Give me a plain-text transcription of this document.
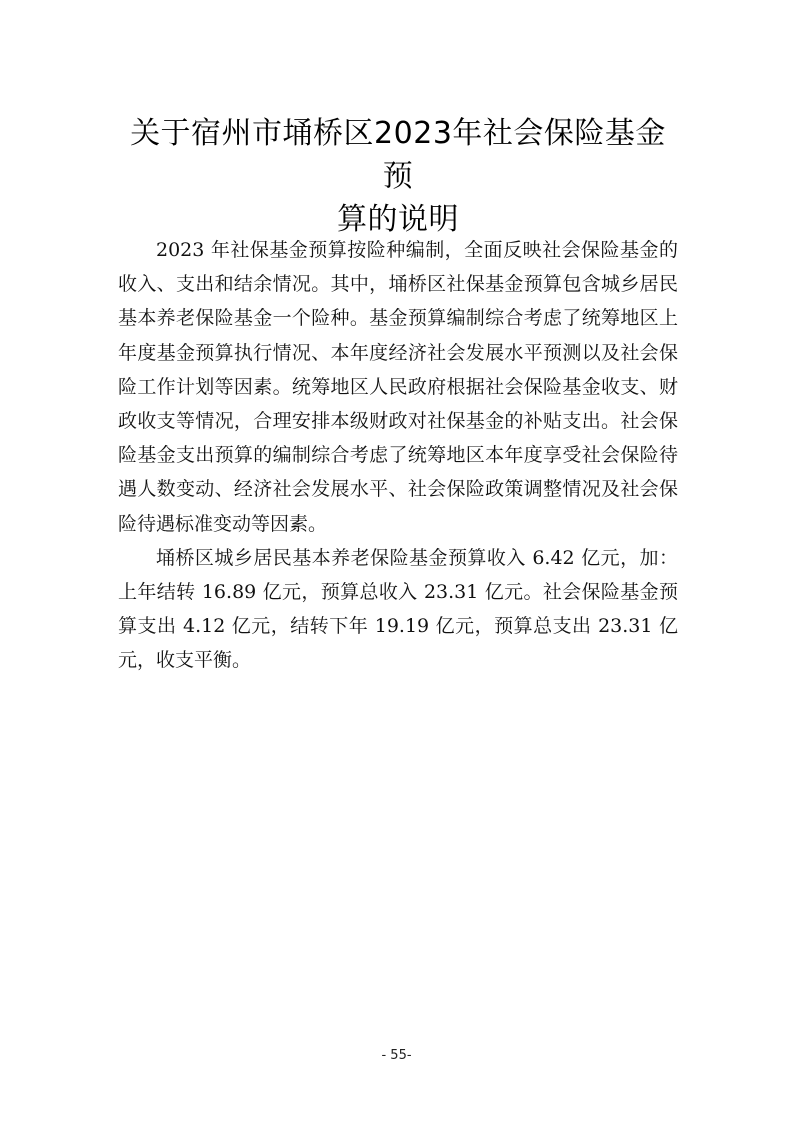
关于宿州市埇桥区2023年社会保险基金预
算的说明

2023 年社保基金预算按险种编制，全面反映社会保险基金的收入、支出和结余情况。其中，埇桥区社保基金预算包含城乡居民基本养老保险基金一个险种。基金预算编制综合考虑了统筹地区上年度基金预算执行情况、本年度经济社会发展水平预测以及社会保险工作计划等因素。统筹地区人民政府根据社会保险基金收支、财政收支等情况，合理安排本级财政对社保基金的补贴支出。社会保险基金支出预算的编制综合考虑了统筹地区本年度享受社会保险待遇人数变动、经济社会发展水平、社会保险政策调整情况及社会保险待遇标准变动等因素。

埇桥区城乡居民基本养老保险基金预算收入 6.42 亿元，加：上年结转 16.89 亿元，预算总收入 23.31 亿元。社会保险基金预算支出 4.12 亿元，结转下年 19.19 亿元，预算总支出 23.31 亿元，收支平衡。

- 55-
